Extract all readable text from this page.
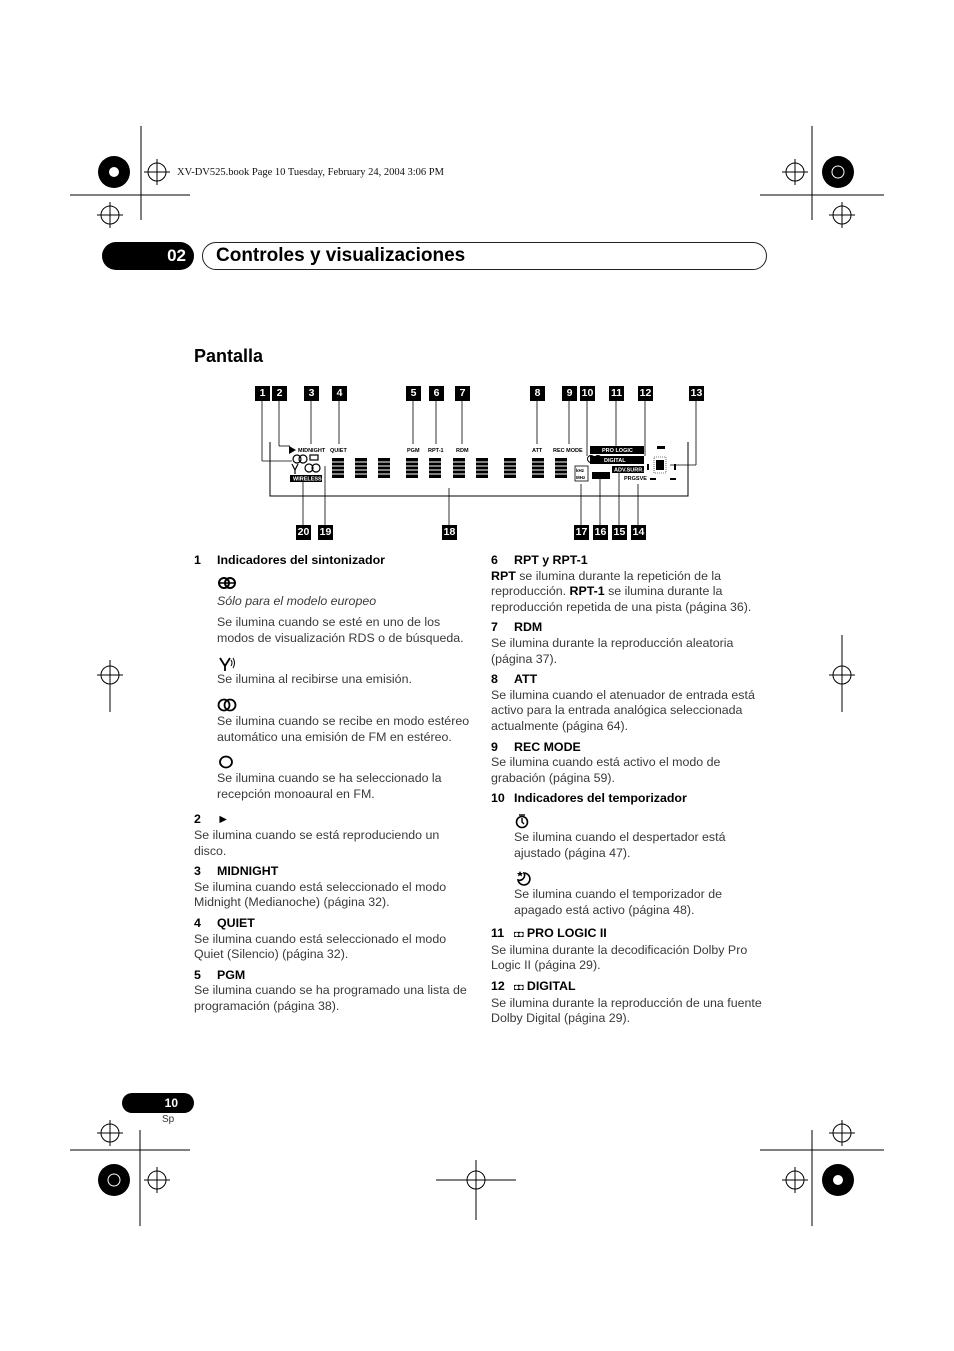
XV-DV525.book Page 10 Tuesday, February 24, 2004 3:06 PM
02	Controles y visualizaciones
Pantalla
1	2	3	4	5	6	7	8	9 10 11 12	13
20 19	18	17 16 15 14
MIDNIGHT QUIET	PGM RPT-1 RDM	ATT REC MODE	PRO LOGIC
DIGITAL
ADV.SURR.
PRGSVE
WIRELESS
kHz
MHz
1 Indicadores del sintonizador

Sólo para el modelo europeo

Se ilumina cuando se esté en uno de los modos de visualización RDS o de búsqueda.

Se ilumina al recibirse una emisión.

Se ilumina cuando se recibe en modo estéreo automático una emisión de FM en estéreo.

Se ilumina cuando se ha seleccionado la recepción monoaural en FM.

2 ►

Se ilumina cuando se está reproduciendo un disco.

3 MIDNIGHT

Se ilumina cuando está seleccionado el modo Midnight (Medianoche) (página 32).

4 QUIET

Se ilumina cuando está seleccionado el modo Quiet (Silencio) (página 32).

5 PGM

Se ilumina cuando se ha programado una lista de programación (página 38).

6 RPT y RPT-1

RPT se ilumina durante la repetición de la reproducción. RPT-1 se ilumina durante la reproducción repetida de una pista (página 36).

7 RDM

Se ilumina durante la reproducción aleatoria (página 37).

8 ATT

Se ilumina cuando el atenuador de entrada está activo para la entrada analógica seleccionada actualmente (página 64).

9 REC MODE

Se ilumina cuando está activo el modo de grabación (página 59).

10 Indicadores del temporizador

Se ilumina cuando el despertador está ajustado (página 47).

Se ilumina cuando el temporizador de apagado está activo (página 48).

11 ◘◘ PRO LOGIC II

Se ilumina durante la decodificación Dolby Pro Logic II (página 29).

12 ◘◘ DIGITAL

Se ilumina durante la reproducción de una fuente Dolby Digital (página 29).

10
Sp
